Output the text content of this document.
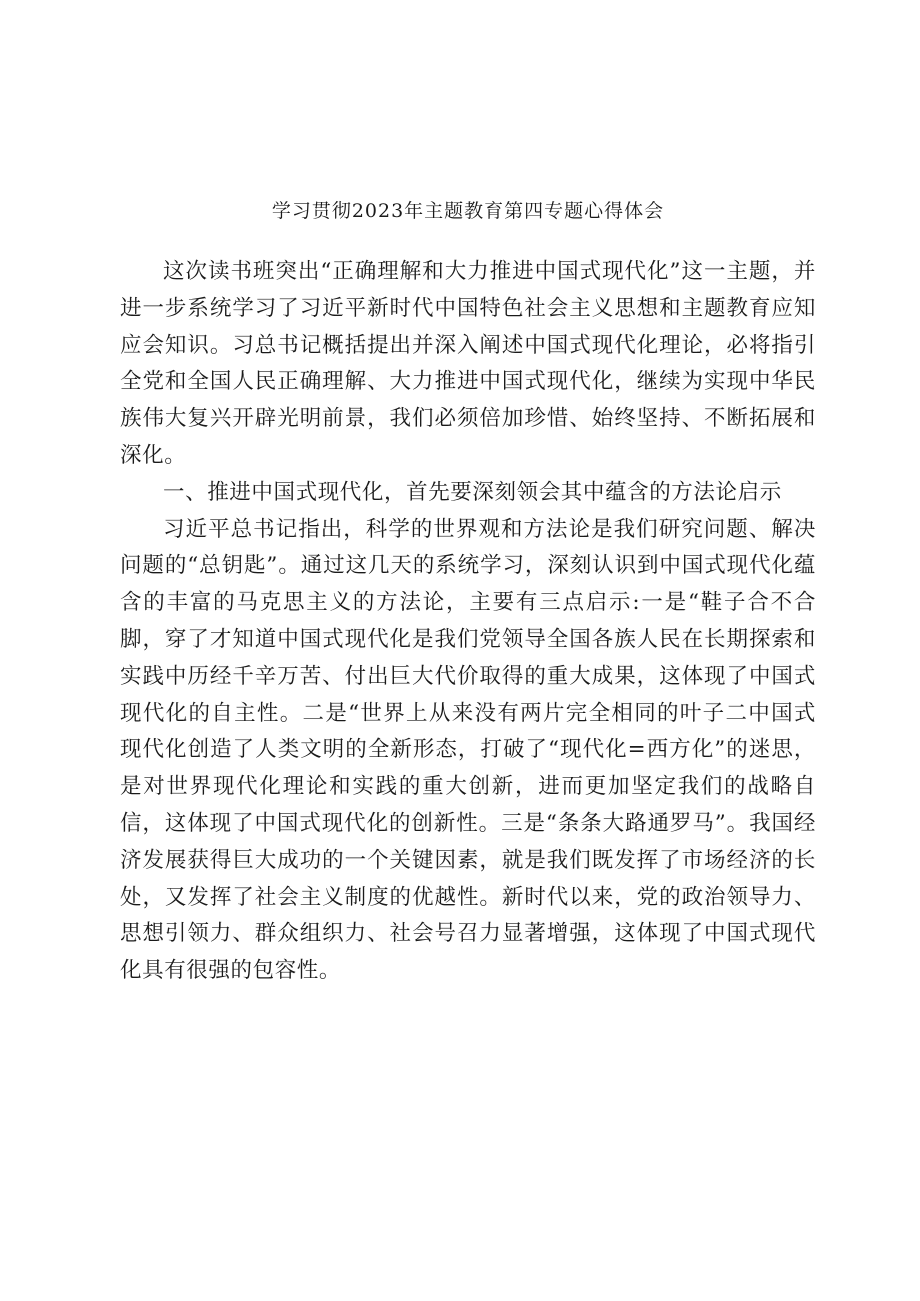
学习贯彻2023年主题教育第四专题心得体会

这次读书班突出“正确理解和大力推进中国式现代化”这一主题，并进一步系统学习了习近平新时代中国特色社会主义思想和主题教育应知应会知识。习总书记概括提出并深入阐述中国式现代化理论，必将指引全党和全国人民正确理解、大力推进中国式现代化，继续为实现中华民族伟大复兴开辟光明前景，我们必须倍加珍惜、始终坚持、不断拓展和深化。

一、推进中国式现代化，首先要深刻领会其中蕴含的方法论启示

习近平总书记指出，科学的世界观和方法论是我们研究问题、解决问题的“总钥匙”。通过这几天的系统学习，深刻认识到中国式现代化蕴含的丰富的马克思主义的方法论，主要有三点启示:一是“鞋子合不合脚，穿了才知道中国式现代化是我们党领导全国各族人民在长期探索和实践中历经千辛万苦、付出巨大代价取得的重大成果，这体现了中国式现代化的自主性。二是“世界上从来没有两片完全相同的叶子二中国式现代化创造了人类文明的全新形态，打破了“现代化=西方化”的迷思，是对世界现代化理论和实践的重大创新，进而更加坚定我们的战略自信，这体现了中国式现代化的创新性。三是“条条大路通罗马”。我国经济发展获得巨大成功的一个关键因素，就是我们既发挥了市场经济的长处，又发挥了社会主义制度的优越性。新时代以来，党的政治领导力、思想引领力、群众组织力、社会号召力显著增强，这体现了中国式现代化具有很强的包容性。
